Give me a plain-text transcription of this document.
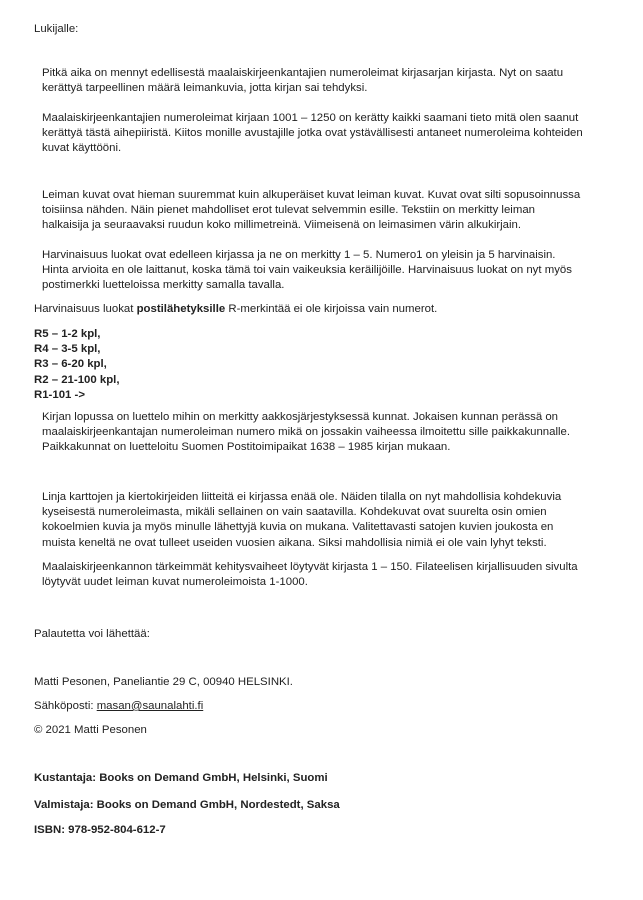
Lukijalle:

Pitkä aika on mennyt edellisestä maalaiskirjeenkantajien numeroleimat kirjasarjan kirjasta. Nyt on saatu
kerättyä tarpeellinen määrä leimankuvia, jotta kirjan sai tehdyksi.

Maalaiskirjeenkantajien numeroleimat kirjaan 1001 – 1250 on kerätty kaikki saamani tieto mitä olen saanut
kerättyä tästä aihepiiristä. Kiitos monille avustajille jotka ovat ystävällisesti antaneet numeroleima kohteiden
kuvat käyttööni.

Leiman kuvat ovat hieman suuremmat kuin alkuperäiset kuvat leiman kuvat. Kuvat ovat silti sopusoinnussa
toisiinsa nähden. Näin pienet mahdolliset erot tulevat selvemmin esille. Tekstiin on merkitty leiman
halkaisija ja seuraavaksi ruudun koko millimetreinä. Viimeisenä on leimasimen värin alkukirjain.

Harvinaisuus luokat ovat edelleen kirjassa ja ne on merkitty 1 – 5. Numero1 on yleisin ja 5 harvinaisin.
Hinta arvioita en ole laittanut, koska tämä toi vain vaikeuksia keräilijöille. Harvinaisuus luokat on nyt myös
postimerkki luetteloissa merkitty samalla tavalla.

Harvinaisuus luokat postilähetyksille R-merkintää ei ole kirjoissa vain numerot.

R5 – 1-2 kpl,
R4 – 3-5 kpl,
R3 – 6-20 kpl,
R2 – 21-100 kpl,
R1-101 ->

Kirjan lopussa on luettelo mihin on merkitty aakkosjärjestyksessä kunnat. Jokaisen kunnan perässä on
maalaiskirjeenkantajan numeroleiman numero mikä on jossakin vaiheessa ilmoitettu sille paikkakunnalle.
Paikkakunnat on luetteloitu Suomen Postitoimipaikat 1638 – 1985 kirjan mukaan.

Linja karttojen ja kiertokirjeiden liitteitä ei kirjassa enää ole. Näiden tilalla on nyt mahdollisia kohdekuvia
kyseisestä numeroleimasta, mikäli sellainen on vain saatavilla. Kohdekuvat ovat suurelta osin omien
kokoelmien kuvia ja myös minulle lähettyjä kuvia on mukana. Valitettavasti satojen kuvien joukosta en
muista keneltä ne ovat tulleet useiden vuosien aikana. Siksi mahdollisia nimiä ei ole vain lyhyt teksti.

Maalaiskirjeenkannon tärkeimmät kehitysvaiheet löytyvät kirjasta 1 – 150. Filateelisen kirjallisuuden sivulta
löytyvät uudet leiman kuvat numeroleimoista 1-1000.

Palautetta voi lähettää:

Matti Pesonen, Paneliantie 29 C, 00940 HELSINKI.

Sähköposti: masan@saunalahti.fi

© 2021 Matti Pesonen

Kustantaja: Books on Demand GmbH, Helsinki, Suomi

Valmistaja: Books on Demand GmbH, Nordestedt, Saksa

ISBN: 978-952-804-612-7
